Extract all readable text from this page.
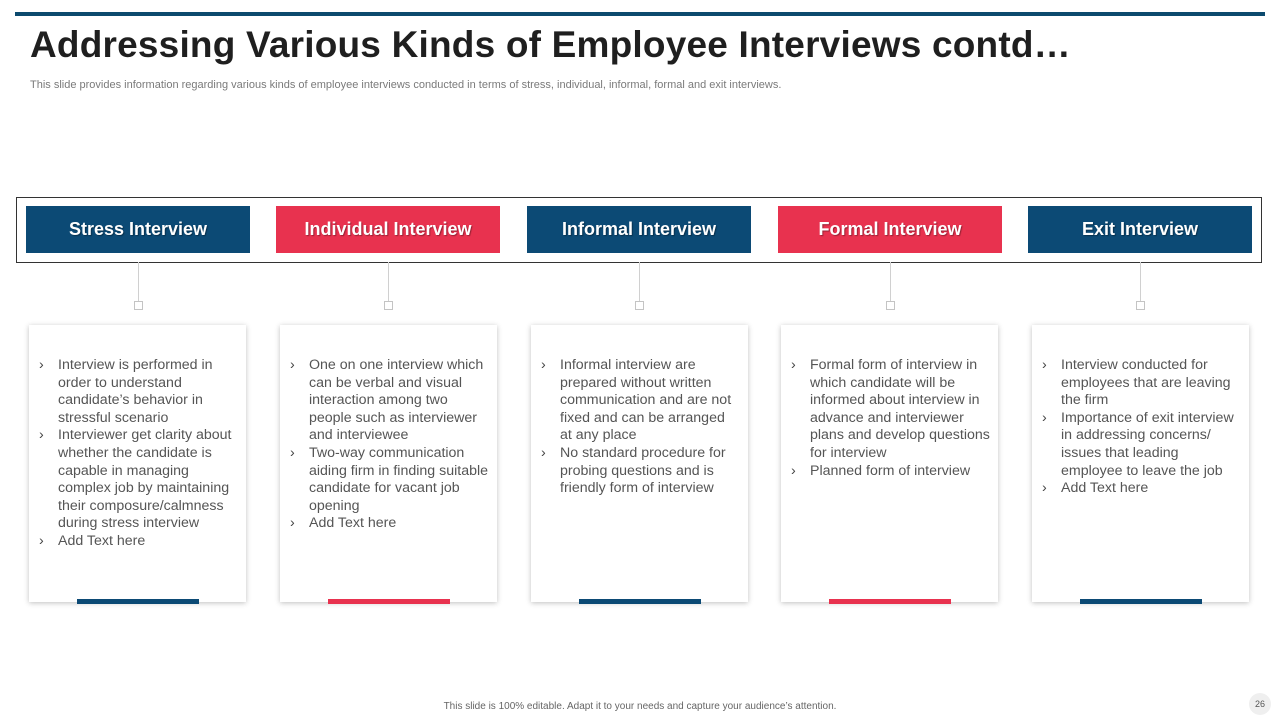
Addressing Various Kinds of Employee Interviews contd…

This slide provides information regarding various kinds of employee interviews conducted in terms of stress, individual, informal, formal and exit interviews.

Stress Interview
› Interview is performed in order to understand candidate’s behavior in stressful scenario
› Interviewer get clarity about whether the candidate is capable in managing complex job by maintaining their composure/calmness during stress interview
› Add Text here
Individual Interview
› One on one interview which can be verbal and visual interaction among two people such as interviewer and interviewee
› Two-way communication aiding firm in finding suitable candidate for vacant job opening
› Add Text here
Informal Interview
› Informal interview are prepared without written communication and are not fixed and can be arranged at any place
› No standard procedure for probing questions and is friendly form of interview
Formal Interview
› Formal form of interview in which candidate will be informed about interview in advance and interviewer plans and develop questions for interview
› Planned form of interview
Exit Interview
› Interview conducted for employees that are leaving the firm
› Importance of exit interview in addressing concerns/ issues that leading employee to leave the job
› Add Text here

This slide is 100% editable. Adapt it to your needs and capture your audience’s attention.	26
